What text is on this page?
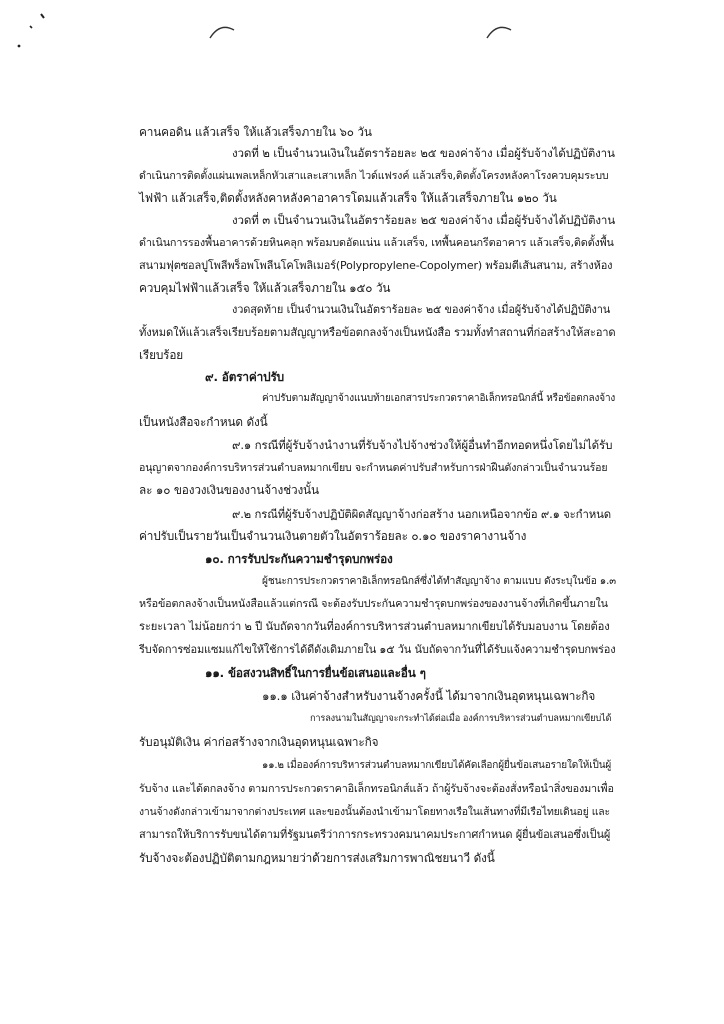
คานคอดิน แล้วเสร็จ ให้แล้วเสร็จภายใน ๖๐ วัน
งวดที่ ๒ เป็นจำนวนเงินในอัตราร้อยละ ๒๕ ของค่าจ้าง เมื่อผู้รับจ้างได้ปฏิบัติงาน
ดำเนินการติดตั้งแผ่นเพลเหล็กหัวเสาและเสาเหล็ก ไวด์แฟรงค์ แล้วเสร็จ,ติดตั้งโครงหลังคาโรงควบคุมระบบ
ไฟฟ้า แล้วเสร็จ,ติดตั้งหลังคาหลังคาอาคารโดมแล้วเสร็จ ให้แล้วเสร็จภายใน ๑๒๐ วัน
งวดที่ ๓ เป็นจำนวนเงินในอัตราร้อยละ ๒๕ ของค่าจ้าง เมื่อผู้รับจ้างได้ปฏิบัติงาน
ดำเนินการรองพื้นอาคารด้วยหินคลุก พร้อมบดอัดแน่น แล้วเสร็จ, เทพื้นคอนกรีตอาคาร แล้วเสร็จ,ติดตั้งพื้น
สนามฟุตซอลปูโพลีพร็อพโพลีนโคโพลิเมอร์(Polypropylene-Copolymer) พร้อมตีเส้นสนาม, สร้างห้อง
ควบคุมไฟฟ้าแล้วเสร็จ ให้แล้วเสร็จภายใน ๑๕๐ วัน
งวดสุดท้าย เป็นจำนวนเงินในอัตราร้อยละ ๒๕ ของค่าจ้าง เมื่อผู้รับจ้างได้ปฏิบัติงาน
ทั้งหมดให้แล้วเสร็จเรียบร้อยตามสัญญาหรือข้อตกลงจ้างเป็นหนังสือ รวมทั้งทำสถานที่ก่อสร้างให้สะอาด
เรียบร้อย
๙. อัตราค่าปรับ
ค่าปรับตามสัญญาจ้างแนบท้ายเอกสารประกวดราคาอิเล็กทรอนิกส์นี้ หรือข้อตกลงจ้าง
เป็นหนังสือจะกำหนด ดังนี้
๙.๑ กรณีที่ผู้รับจ้างนำงานที่รับจ้างไปจ้างช่วงให้ผู้อื่นทำอีกทอดหนึ่งโดยไม่ได้รับ
อนุญาตจากองค์การบริหารส่วนตำบลหมากเขียบ จะกำหนดค่าปรับสำหรับการฝ่าฝืนดังกล่าวเป็นจำนวนร้อย
ละ ๑๐ ของวงเงินของงานจ้างช่วงนั้น
๙.๒ กรณีที่ผู้รับจ้างปฏิบัติผิดสัญญาจ้างก่อสร้าง นอกเหนือจากข้อ ๙.๑ จะกำหนด
ค่าปรับเป็นรายวันเป็นจำนวนเงินตายตัวในอัตราร้อยละ ๐.๑๐ ของราคางานจ้าง
๑๐. การรับประกันความชำรุดบกพร่อง
ผู้ชนะการประกวดราคาอิเล็กทรอนิกส์ซึ่งได้ทำสัญญาจ้าง ตามแบบ ดังระบุในข้อ ๑.๓
หรือข้อตกลงจ้างเป็นหนังสือแล้วแต่กรณี จะต้องรับประกันความชำรุดบกพร่องของงานจ้างที่เกิดขึ้นภายใน
ระยะเวลา ไม่น้อยกว่า ๒ ปี นับถัดจากวันที่องค์การบริหารส่วนตำบลหมากเขียบได้รับมอบงาน โดยต้อง
รีบจัดการซ่อมแซมแก้ไขให้ใช้การได้ดีดังเดิมภายใน ๑๕ วัน นับถัดจากวันที่ได้รับแจ้งความชำรุดบกพร่อง
๑๑. ข้อสงวนสิทธิ์ในการยื่นข้อเสนอและอื่น ๆ
๑๑.๑ เงินค่าจ้างสำหรับงานจ้างครั้งนี้ ได้มาจากเงินอุดหนุนเฉพาะกิจ
การลงนามในสัญญาจะกระทำได้ต่อเมื่อ องค์การบริหารส่วนตำบลหมากเขียบได้
รับอนุมัติเงิน ค่าก่อสร้างจากเงินอุดหนุนเฉพาะกิจ
๑๑.๒ เมื่อองค์การบริหารส่วนตำบลหมากเขียบได้คัดเลือกผู้ยื่นข้อเสนอรายใดให้เป็นผู้
รับจ้าง และได้ตกลงจ้าง ตามการประกวดราคาอิเล็กทรอนิกส์แล้ว ถ้าผู้รับจ้างจะต้องสั่งหรือนำสิ่งของมาเพื่อ
งานจ้างดังกล่าวเข้ามาจากต่างประเทศ และของนั้นต้องนำเข้ามาโดยทางเรือในเส้นทางที่มีเรือไทยเดินอยู่ และ
สามารถให้บริการรับขนได้ตามที่รัฐมนตรีว่าการกระทรวงคมนาคมประกาศกำหนด ผู้ยื่นข้อเสนอซึ่งเป็นผู้
รับจ้างจะต้องปฏิบัติตามกฎหมายว่าด้วยการส่งเสริมการพาณิชยนาวี ดังนี้
